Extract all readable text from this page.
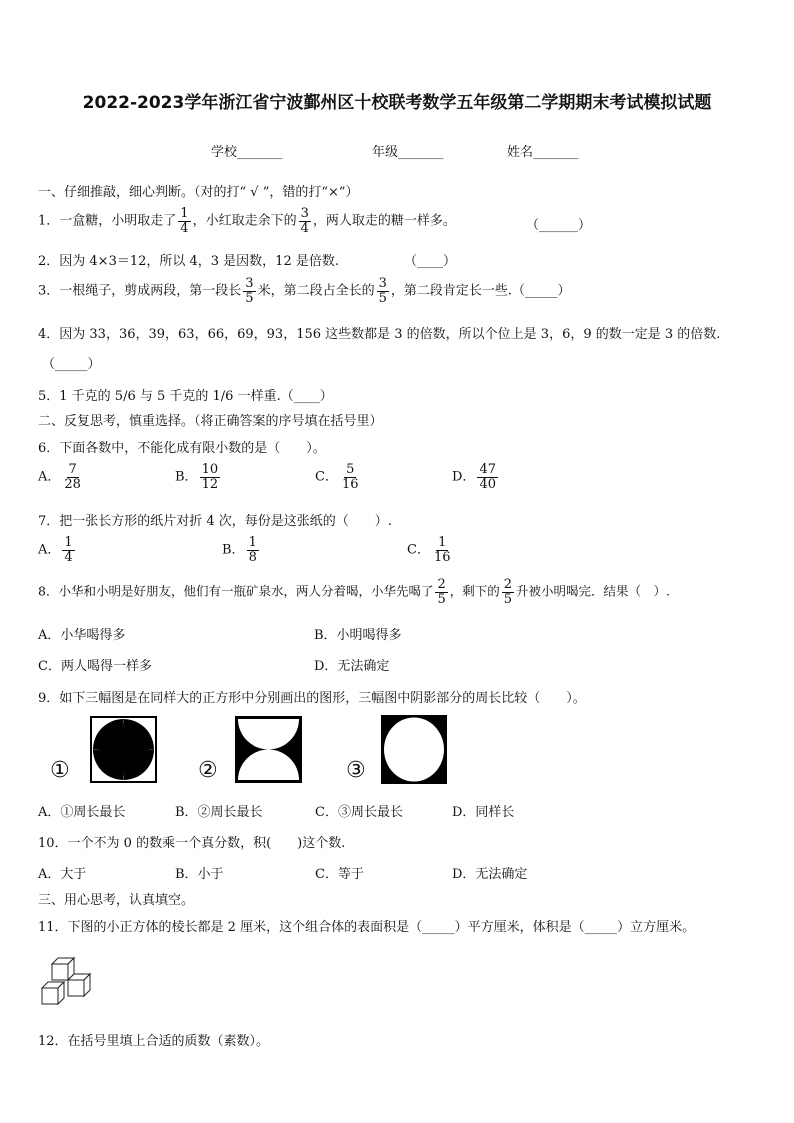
2022-2023学年浙江省宁波鄞州区十校联考数学五年级第二学期期末考试模拟试题
学校_______	年级_______	姓名_______
一、仔细推敲，细心判断。（对的打“ √ ”，错的打“×”）
1．一盒糖，小明取走了 $\frac{1}{4}$ ，小红取走余下的 $\frac{3}{4}$ ，两人取走的糖一样多。	（______）
2．因为 4×3＝12，所以 4，3 是因数，12 是倍数.	（____）
3．一根绳子，剪成两段，第一段长 $\frac{3}{5}$ 米，第二段占全长的 $\frac{3}{5}$ ，第二段肯定长一些.（_____）
4．因为 33，36，39，63，66，69，93，156 这些数都是 3 的倍数，所以个位上是 3，6，9 的数一定是 3 的倍数.
（_____）
5．1 千克的 5/6 与 5 千克的 1/6 一样重.（____）
二、反复思考，慎重选择。（将正确答案的序号填在括号里）
6．下面各数中，不能化成有限小数的是（　　）。
A． $\frac{7}{28}$	B． $\frac{10}{12}$	C． $\frac{5}{16}$	D． $\frac{47}{40}$
7．把一张长方形的纸片对折 4 次，每份是这张纸的（　　）.
A． $\frac{1}{4}$	B． $\frac{1}{8}$	C． $\frac{1}{16}$
8．小华和小明是好朋友，他们有一瓶矿泉水，两人分着喝，小华先喝了 $\frac{2}{5}$ ，剩下的 $\frac{2}{5}$ 升被小明喝完．结果（　）.
A．小华喝得多	B．小明喝得多
C．两人喝得一样多	D．无法确定
9．如下三幅图是在同样大的正方形中分别画出的图形，三幅图中阴影部分的周长比较（　　）。
①	②	③
A．①周长最长	B．②周长最长	C．③周长最长	D．同样长
10．一个不为 0 的数乘一个真分数，积(　　)这个数.
A．大于	B．小于	C．等于	D．无法确定
三、用心思考，认真填空。
11．下图的小正方体的棱长都是 2 厘米，这个组合体的表面积是（_____）平方厘米，体积是（_____）立方厘米。
12．在括号里填上合适的质数（素数）。
